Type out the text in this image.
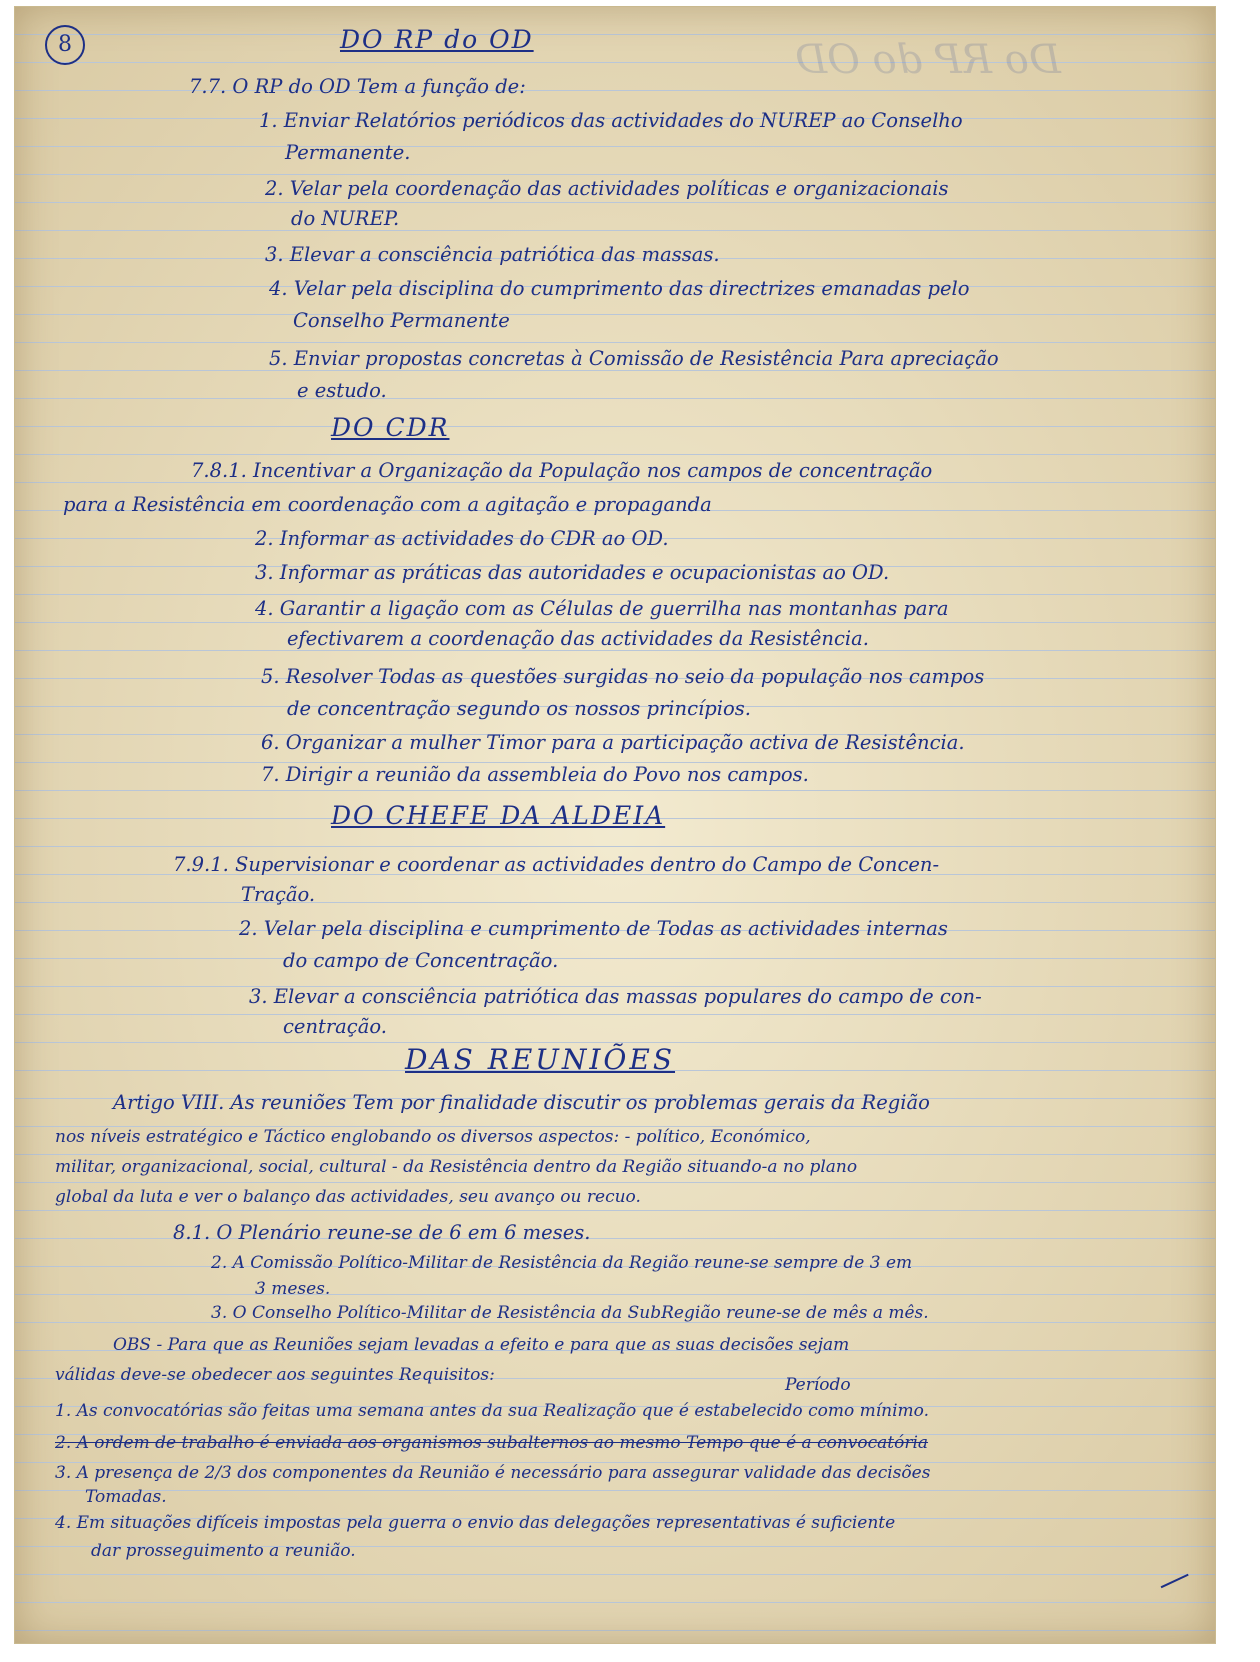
Do RP do OD
8	DO RP do OD
7.7. O RP do OD Tem a função de:
1. Enviar Relatórios periódicos das actividades do NUREP ao Conselho
Permanente.
2. Velar pela coordenação das actividades políticas e organizacionais
do NUREP.
3. Elevar a consciência patriótica das massas.
4. Velar pela disciplina do cumprimento das directrizes emanadas pelo
Conselho Permanente
5. Enviar propostas concretas à Comissão de Resistência Para apreciação
e estudo.
DO CDR
7.8.1. Incentivar a Organização da População nos campos de concentração
para a Resistência em coordenação com a agitação e propaganda
2. Informar as actividades do CDR ao OD.
3. Informar as práticas das autoridades e ocupacionistas ao OD.
4. Garantir a ligação com as Células de guerrilha nas montanhas para
efectivarem a coordenação das actividades da Resistência.
5. Resolver Todas as questões surgidas no seio da população nos campos
de concentração segundo os nossos princípios.
6. Organizar a mulher Timor para a participação activa de Resistência.
7. Dirigir a reunião da assembleia do Povo nos campos.
DO CHEFE DA ALDEIA
7.9.1. Supervisionar e coordenar as actividades dentro do Campo de Concen-
Tração.
2. Velar pela disciplina e cumprimento de Todas as actividades internas
do campo de Concentração.
3. Elevar a consciência patriótica das massas populares do campo de con-
centração.
DAS REUNIÕES
Artigo VIII. As reuniões Tem por finalidade discutir os problemas gerais da Região
nos níveis estratégico e Táctico englobando os diversos aspectos: - político, Económico,
militar, organizacional, social, cultural - da Resistência dentro da Região situando-a no plano
global da luta e ver o balanço das actividades, seu avanço ou recuo.
8.1. O Plenário reune-se de 6 em 6 meses.
2. A Comissão Político-Militar de Resistência da Região reune-se sempre de 3 em
3 meses.
3. O Conselho Político-Militar de Resistência da SubRegião reune-se de mês a mês.
OBS - Para que as Reuniões sejam levadas a efeito e para que as suas decisões sejam
válidas deve-se obedecer aos seguintes Requisitos:	Período
1. As convocatórias são feitas uma semana antes da sua Realização que é estabelecido como mínimo.
2. A ordem de trabalho é enviada aos organismos subalternos ao mesmo Tempo que é a convocatória
3. A presença de 2/3 dos componentes da Reunião é necessário para assegurar validade das decisões
Tomadas.
4. Em situações difíceis impostas pela guerra o envio das delegações representativas é suficiente
dar prosseguimento a reunião.
